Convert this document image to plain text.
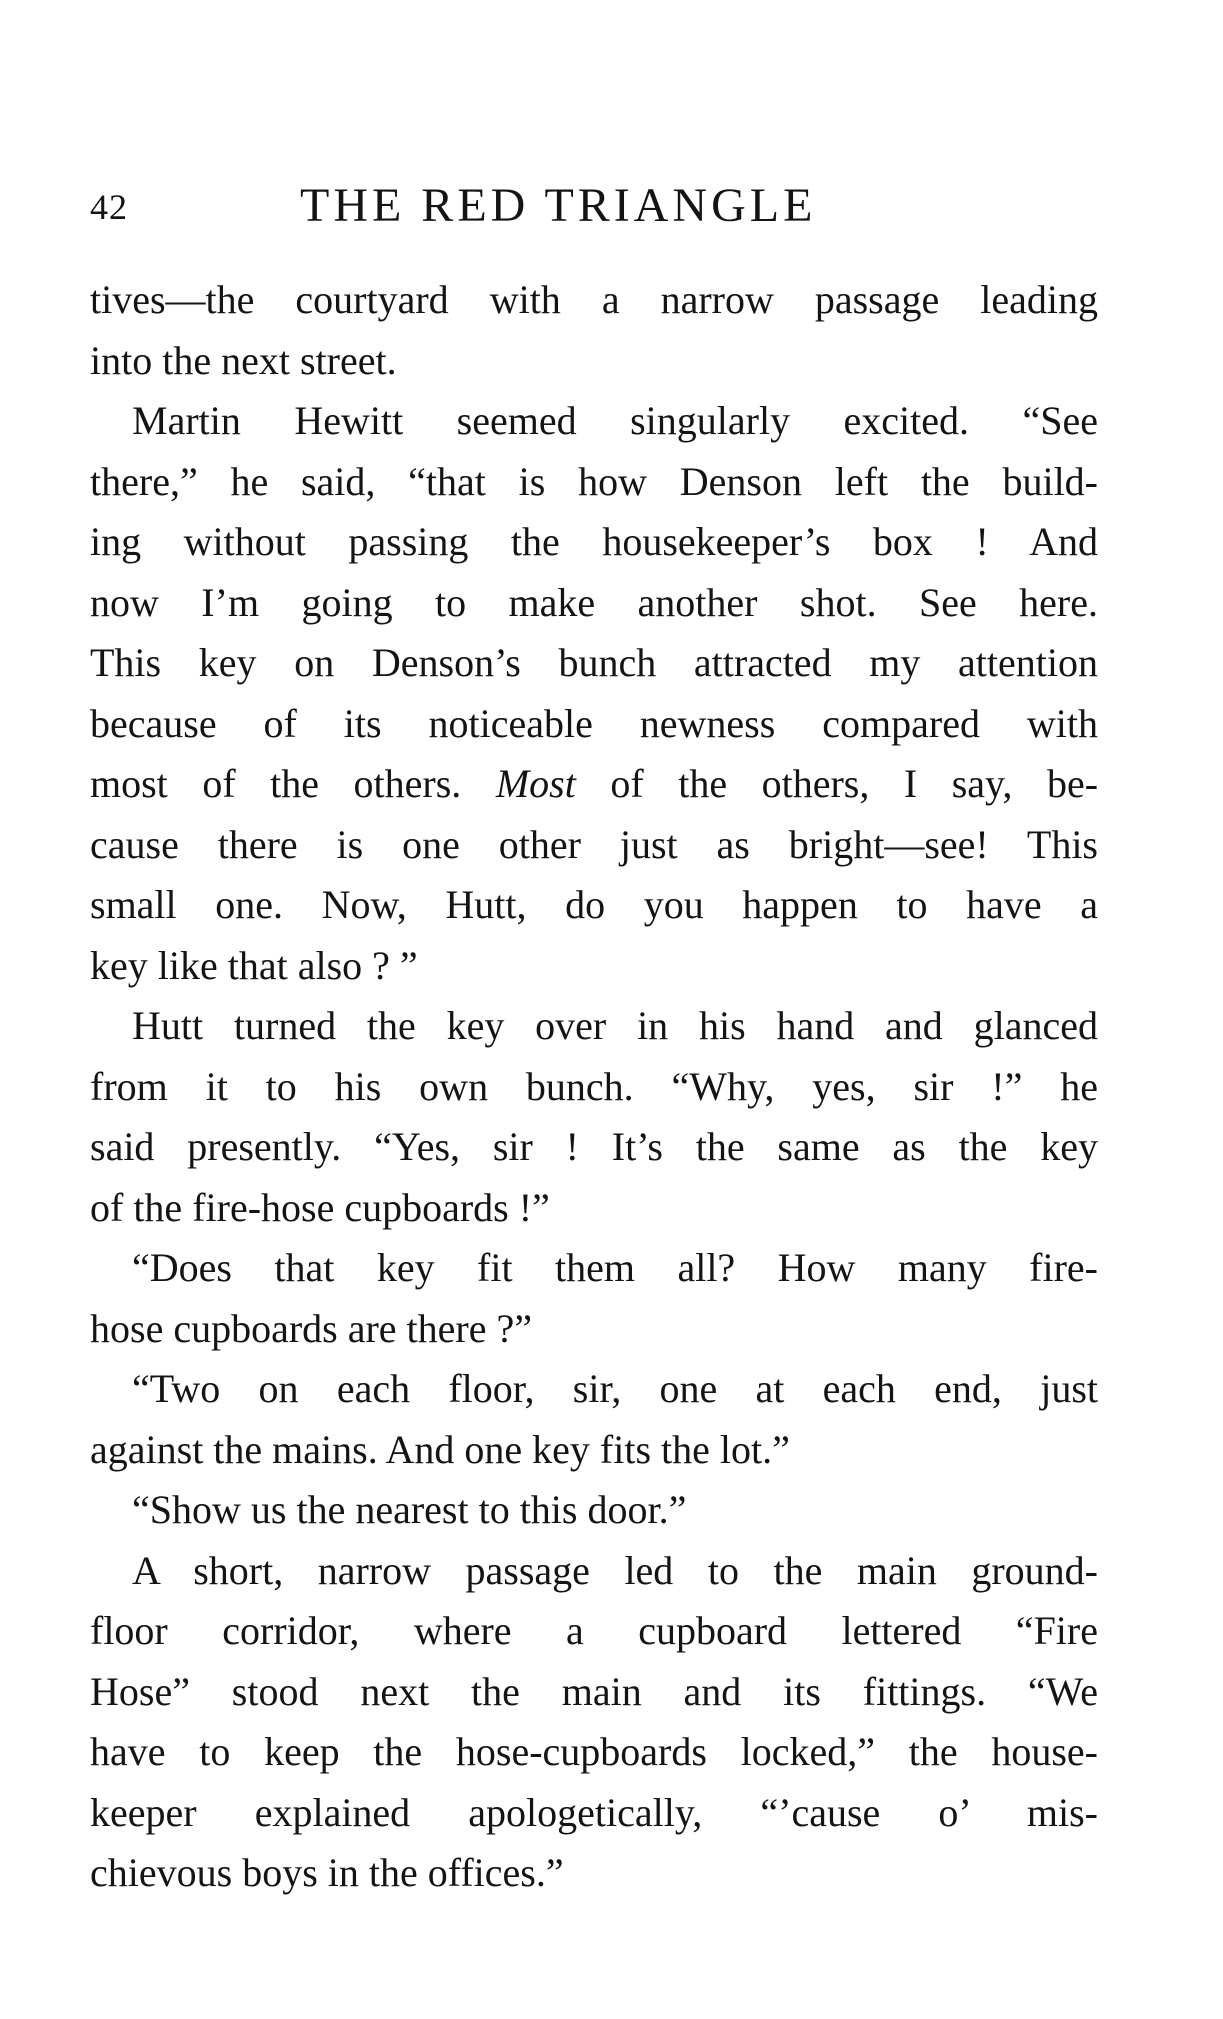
42	THE RED TRIANGLE
tives—the courtyard with a narrow passage leading
into the next street.
Martin Hewitt seemed singularly excited. “See
there,” he said, “that is how Denson left the build-
ing without passing the housekeeper’s box ! And
now I’m going to make another shot. See here.
This key on Denson’s bunch attracted my attention
because of its noticeable newness compared with
most of the others. Most of the others, I say, be-
cause there is one other just as bright—see! This
small one. Now, Hutt, do you happen to have a
key like that also ? ”
Hutt turned the key over in his hand and glanced
from it to his own bunch. “Why, yes, sir !” he
said presently. “Yes, sir ! It’s the same as the key
of the fire-hose cupboards !”
“Does that key fit them all? How many fire-
hose cupboards are there ?”
“Two on each floor, sir, one at each end, just
against the mains. And one key fits the lot.”
“Show us the nearest to this door.”
A short, narrow passage led to the main ground-
floor corridor, where a cupboard lettered “Fire
Hose” stood next the main and its fittings. “We
have to keep the hose-cupboards locked,” the house-
keeper explained apologetically, “’cause o’ mis-
chievous boys in the offices.”
